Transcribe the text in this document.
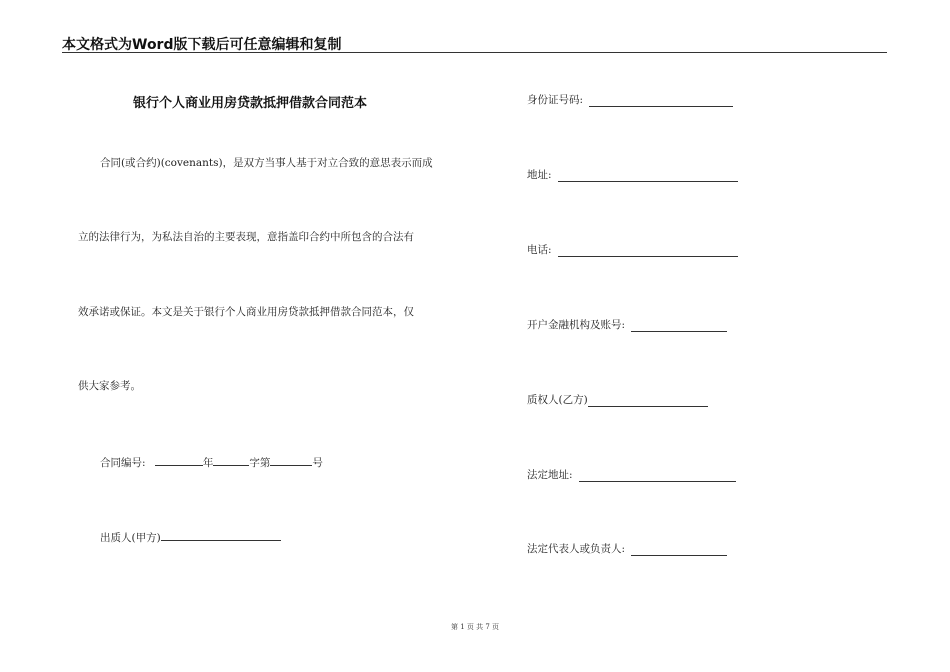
本文格式为Word版下载后可任意编辑和复制
银行个人商业用房贷款抵押借款合同范本
合同(或合约)(covenants)，是双方当事人基于对立合致的意思表示而成
立的法律行为，为私法自治的主要表现，意指盖印合约中所包含的合法有
效承诺或保证。本文是关于银行个人商业用房贷款抵押借款合同范本，仅
供大家参考。
合同编号:	年	字第	号
出质人(甲方)
身份证号码:
地址:
电话:
开户金融机构及账号:
质权人(乙方)
法定地址:
法定代表人或负责人:
第 1 页 共 7 页
